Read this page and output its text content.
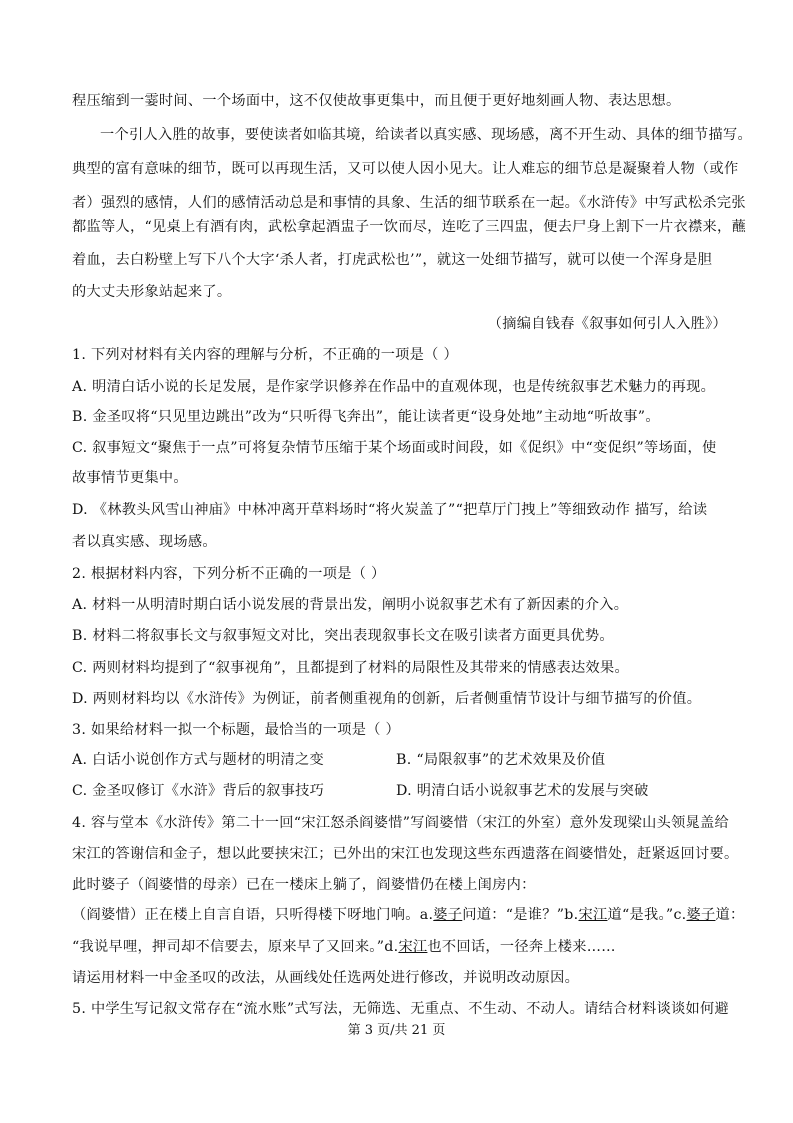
程压缩到一霎时间、一个场面中，这不仅使故事更集中，而且便于更好地刻画人物、表达思想。
一个引人入胜的故事，要使读者如临其境，给读者以真实感、现场感，离不开生动、具体的细节描写。
典型的富有意味的细节，既可以再现生活，又可以使人因小见大。让人难忘的细节总是凝聚着人物（或作
者）强烈的感情，人们的感情活动总是和事情的具象、生活的细节联系在一起。《水浒传》中写武松杀完张
都监等人，“见桌上有酒有肉，武松拿起酒盅子一饮而尽，连吃了三四盅，便去尸身上割下一片衣襟来，蘸
着血，去白粉壁上写下八个大字‘杀人者，打虎武松也’”，就这一处细节描写，就可以使一个浑身是胆
的大丈夫形象站起来了。
（摘编自钱春《叙事如何引人入胜》）
1. 下列对材料有关内容的理解与分析，不正确的一项是（ ）
A. 明清白话小说的长足发展，是作家学识修养在作品中的直观体现，也是传统叙事艺术魅力的再现。
B. 金圣叹将“只见里边跳出”改为“只听得飞奔出”，能让读者更“设身处地”主动地“听故事”。
C. 叙事短文“聚焦于一点”可将复杂情节压缩于某个场面或时间段，如《促织》中“变促织”等场面，使
故事情节更集中。
D. 《林教头风雪山神庙》中林冲离开草料场时“将火炭盖了”“把草厅门拽上”等细致动作 描写，给读
者以真实感、现场感。
2. 根据材料内容，下列分析不正确的一项是（ ）
A. 材料一从明清时期白话小说发展的背景出发，阐明小说叙事艺术有了新因素的介入。
B. 材料二将叙事长文与叙事短文对比，突出表现叙事长文在吸引读者方面更具优势。
C. 两则材料均提到了“叙事视角”，且都提到了材料的局限性及其带来的情感表达效果。
D. 两则材料均以《水浒传》为例证，前者侧重视角的创新，后者侧重情节设计与细节描写的价值。
3. 如果给材料一拟一个标题，最恰当的一项是（ ）
A. 白话小说创作方式与题材的明清之变	B. “局限叙事”的艺术效果及价值
C. 金圣叹修订《水浒》背后的叙事技巧	D. 明清白话小说叙事艺术的发展与突破
4. 容与堂本《水浒传》第二十一回“宋江怒杀阎婆惜”写阎婆惜（宋江的外室）意外发现梁山头领晁盖给
宋江的答谢信和金子，想以此要挟宋江；已外出的宋江也发现这些东西遗落在阎婆惜处，赶紧返回讨要。
此时婆子（阎婆惜的母亲）已在一楼床上躺了，阎婆惜仍在楼上闺房内：
（阎婆惜）正在楼上自言自语，只听得楼下呀地门响。a.婆子问道：“是谁？”b.宋江道“是我。”c.婆子道：
“我说早哩，押司却不信要去，原来早了又回来。”d.宋江也不回话，一径奔上楼来……
请运用材料一中金圣叹的改法，从画线处任选两处进行修改，并说明改动原因。
5. 中学生写记叙文常存在“流水账”式写法，无筛选、无重点、不生动、不动人。请结合材料谈谈如何避
第 3 页/共 21 页
